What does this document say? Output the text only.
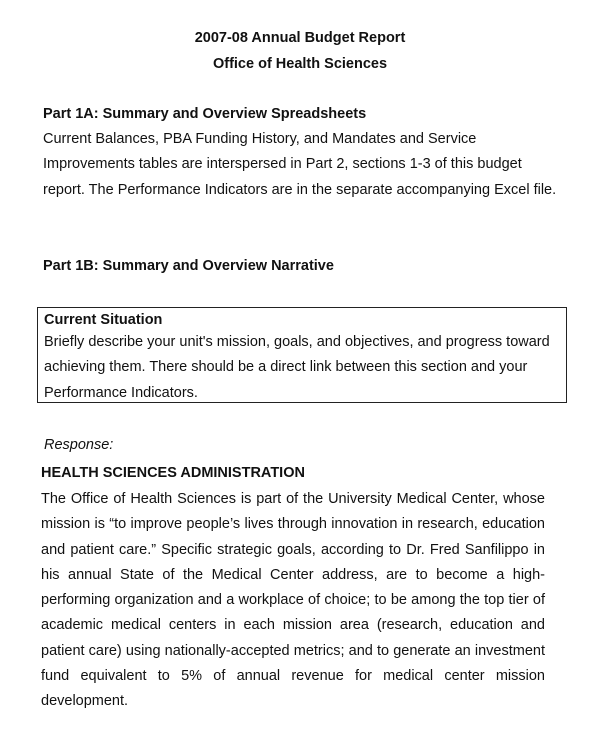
2007-08 Annual Budget Report
Office of Health Sciences
Part 1A: Summary and Overview Spreadsheets
Current Balances, PBA Funding History, and Mandates and Service Improvements tables are interspersed in Part 2, sections 1-3 of this budget report. The Performance Indicators are in the separate accompanying Excel file.
Part 1B: Summary and Overview Narrative
Current Situation
Briefly describe your unit's mission, goals, and objectives, and progress toward achieving them. There should be a direct link between this section and your Performance Indicators.
Response:
HEALTH SCIENCES ADMINISTRATION
The Office of Health Sciences is part of the University Medical Center, whose mission is “to improve people’s lives through innovation in research, education and patient care.” Specific strategic goals, according to Dr. Fred Sanfilippo in his annual State of the Medical Center address, are to become a high-performing organization and a workplace of choice; to be among the top tier of academic medical centers in each mission area (research, education and patient care) using nationally-accepted metrics; and to generate an investment fund equivalent to 5% of annual revenue for medical center mission development.
